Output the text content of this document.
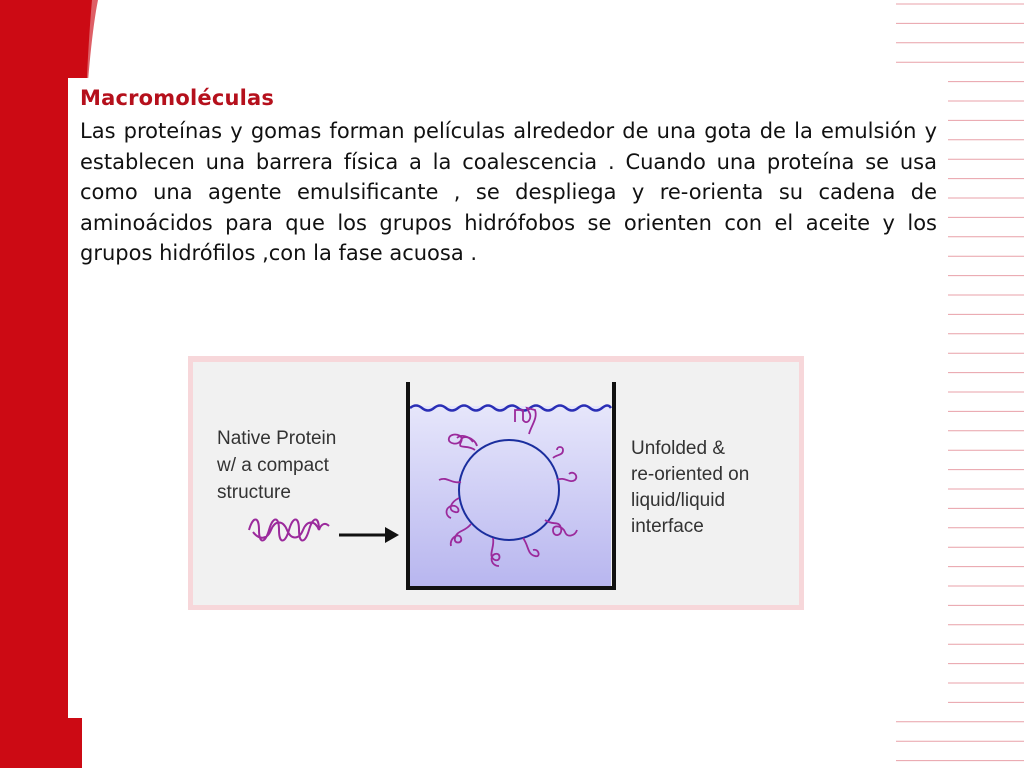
Macromoléculas

Las proteínas y gomas forman películas alrededor de una gota de la emulsión y establecen una barrera física a la coalescencia . Cuando una proteína se usa como una agente emulsificante , se despliega y re-orienta su cadena de aminoácidos para que los grupos hidrófobos se orienten con el aceite y los grupos hidrófilos ,con la fase acuosa .

Native Protein w/ a compact structure
Unfolded & re-oriented on liquid/liquid interface
